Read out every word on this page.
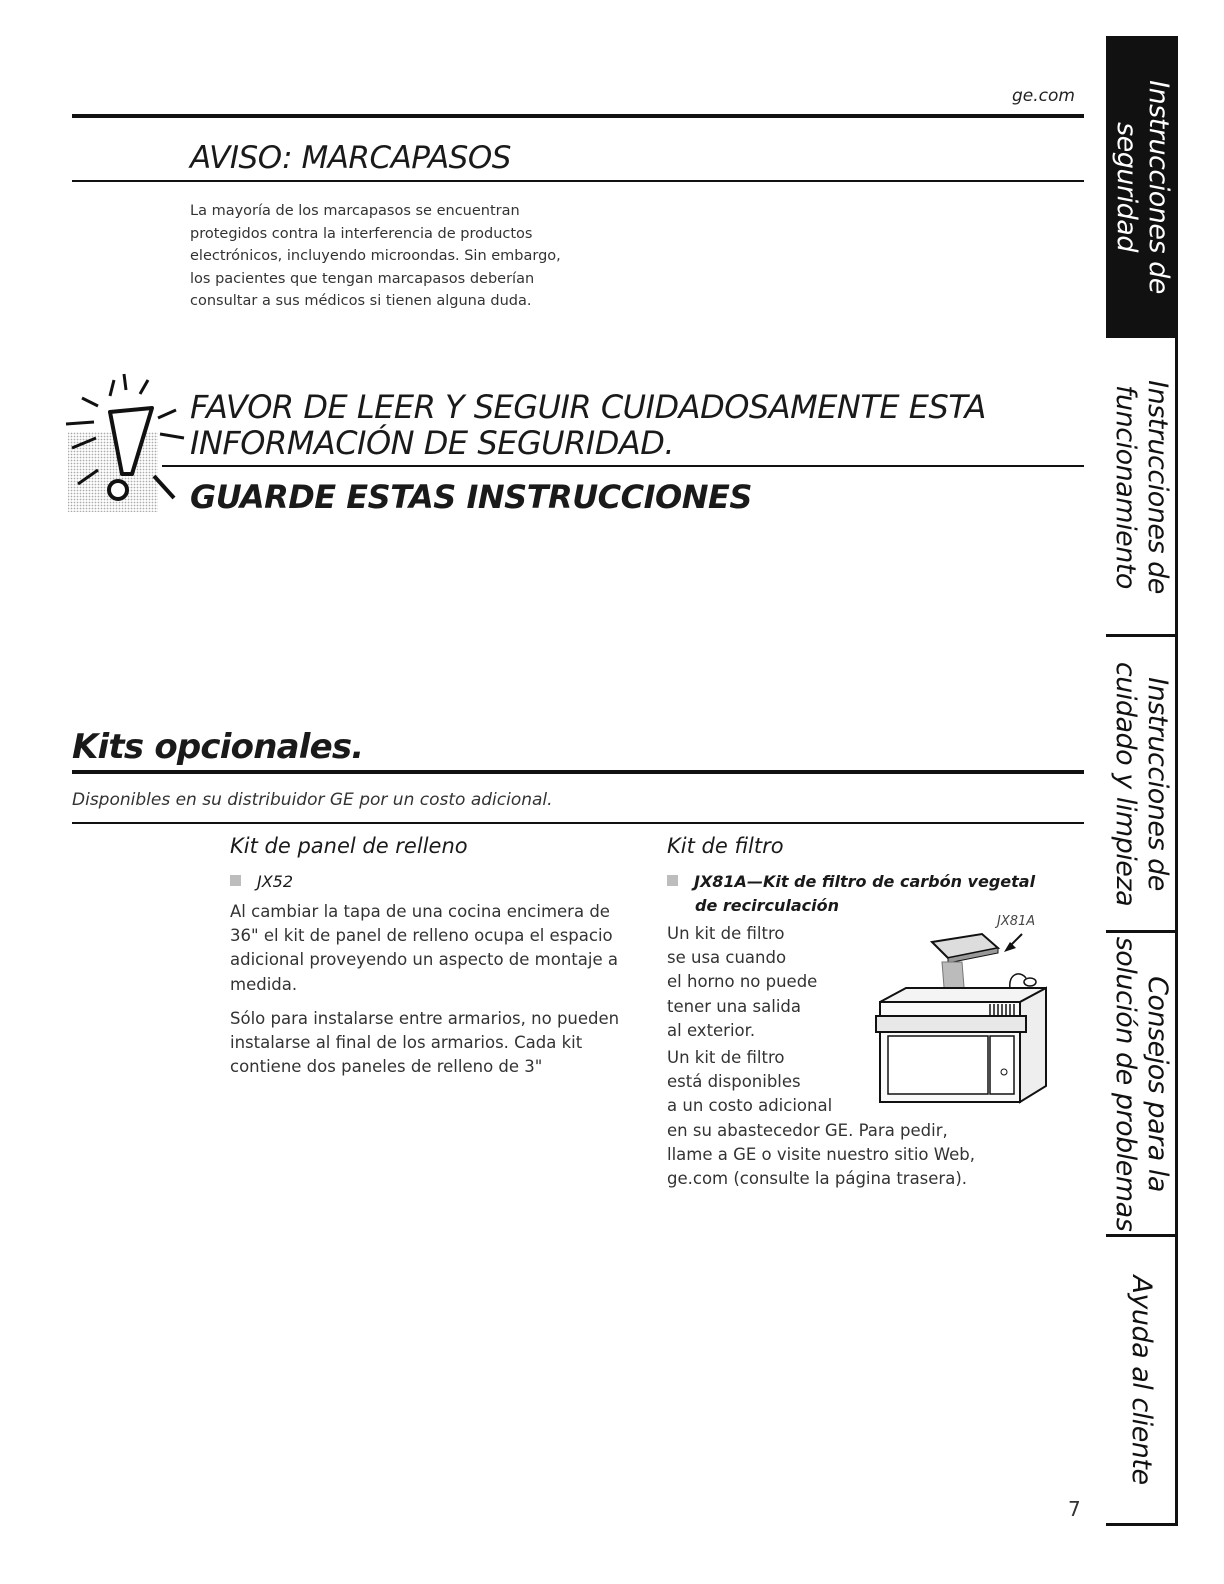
ge.com
AVISO: MARCAPASOS

La mayoría de los marcapasos se encuentran

protegidos contra la interferencia de productos

electrónicos, incluyendo microondas. Sin embargo,

los pacientes que tengan marcapasos deberían

consultar a sus médicos si tienen alguna duda.

FAVOR DE LEER Y SEGUIR CUIDADOSAMENTE ESTA
INFORMACIÓN DE SEGURIDAD.
GUARDE ESTAS INSTRUCCIONES
Kits opcionales.
Disponibles en su distribuidor GE por un costo adicional.
Kit de panel de relleno
JX52

Al cambiar la tapa de una cocina encimera de 36" el kit de panel de relleno ocupa el espacio adicional proveyendo un aspecto de montaje a medida.

Sólo para instalarse entre armarios, no pueden instalarse al final de los armarios. Cada kit contiene dos paneles de relleno de 3"

Kit de filtro
JX81A—Kit de filtro de carbón vegetal
de recirculación
JX81A
Un kit de filtro
se usa cuando
el horno no puede
tener una salida
al exterior.
Un kit de filtro
está disponibles
a un costo adicional
en su abastecedor GE. Para pedir,
llame a GE o visite nuestro sitio Web,
ge.com (consulte la página trasera).
Instrucciones de
seguridad
Instrucciones de
funcionamiento
Instrucciones de
cuidado y limpieza
Consejos para la
solución de problemas
Ayuda al cliente
7
